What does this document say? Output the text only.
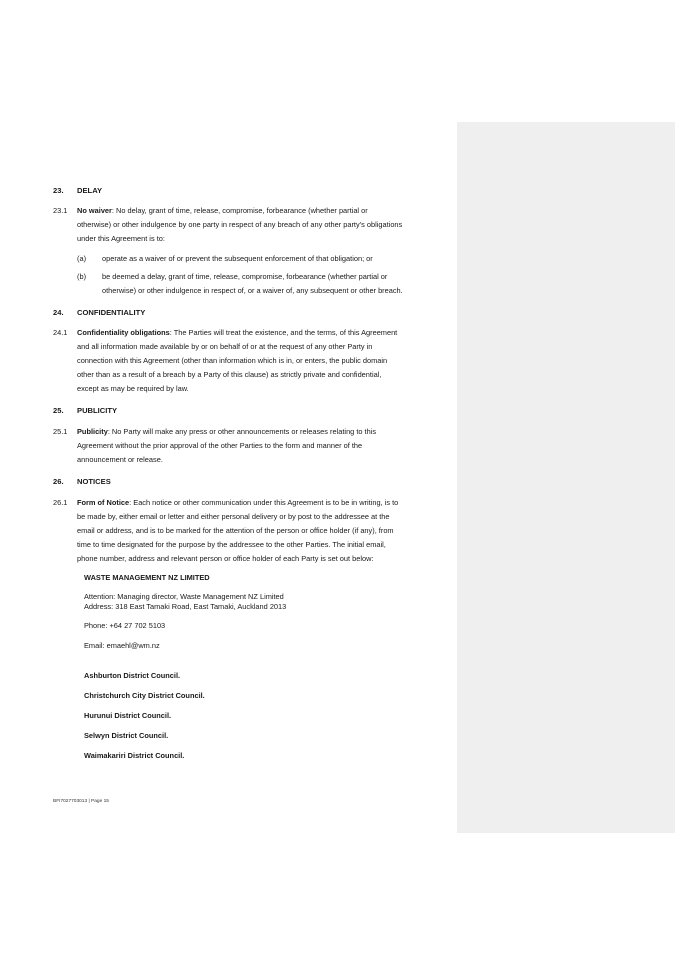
23. DELAY
23.1 No waiver: No delay, grant of time, release, compromise, forbearance (whether partial or
otherwise) or other indulgence by one party in respect of any breach of any other party’s obligations
under this Agreement is to:
(a) operate as a waiver of or prevent the subsequent enforcement of that obligation; or
(b) be deemed a delay, grant of time, release, compromise, forbearance (whether partial or
otherwise) or other indulgence in respect of, or a waiver of, any subsequent or other breach.
24. CONFIDENTIALITY
24.1 Confidentiality obligations: The Parties will treat the existence, and the terms, of this Agreement
and all information made available by or on behalf of or at the request of any other Party in
connection with this Agreement (other than information which is in, or enters, the public domain
other than as a result of a breach by a Party of this clause) as strictly private and confidential,
except as may be required by law.
25. PUBLICITY
25.1 Publicity: No Party will make any press or other announcements or releases relating to this
Agreement without the prior approval of the other Parties to the form and manner of the
announcement or release.
26. NOTICES
26.1 Form of Notice: Each notice or other communication under this Agreement is to be in writing, is to
be made by, either email or letter and either personal delivery or by post to the addressee at the
email or address, and is to be marked for the attention of the person or office holder (if any), from
time to time designated for the purpose by the addressee to the other Parties. The initial email,
phone number, address and relevant person or office holder of each Party is set out below:
WASTE MANAGEMENT NZ LIMITED
Attention: Managing director, Waste Management NZ Limited
Address: 318 East Tamaki Road, East Tamaki, Auckland 2013
Phone: +64 27 702 5103
Email: emaehl@wm.nz
Ashburton District Council.
Christchurch City District Council.
Hurunui District Council.
Selwyn District Council.
Waimakariri District Council.
BFI7027703013 | Page 15
